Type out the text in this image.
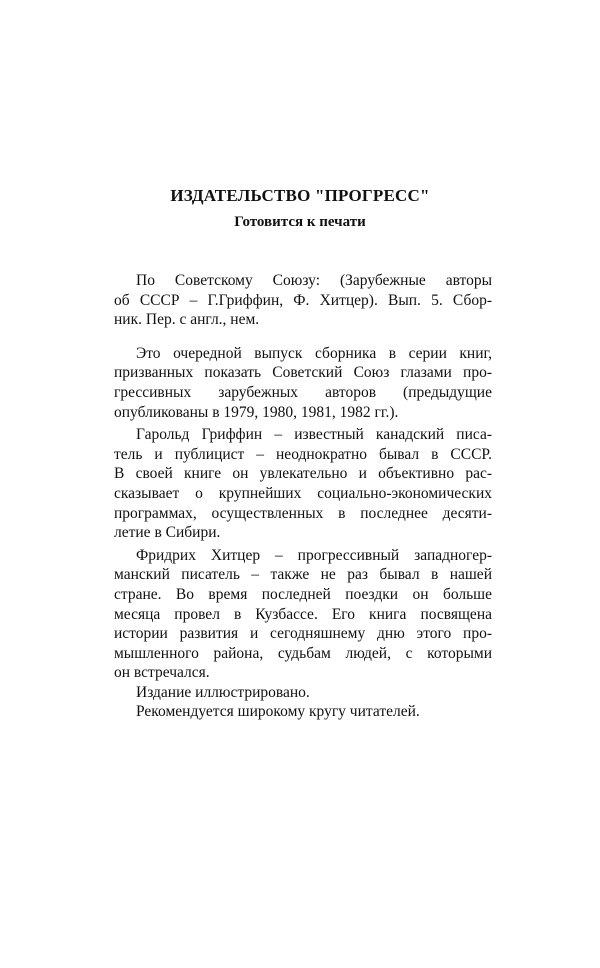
ИЗДАТЕЛЬСТВО "ПРОГРЕСС"
Готовится к печати
По Советскому Союзу: (Зарубежные авторы
об СССР – Г.Гриффин, Ф. Хитцер). Вып. 5. Сбор-
ник. Пер. с англ., нем.
Это очередной выпуск сборника в серии книг,
призванных показать Советский Союз глазами про-
грессивных зарубежных авторов (предыдущие
опубликованы в 1979, 1980, 1981, 1982 гг.).
Гарольд Гриффин – известный канадский писа-
тель и публицист – неоднократно бывал в СССР.
В своей книге он увлекательно и объективно рас-
сказывает о крупнейших социально-экономических
программах, осуществленных в последнее десяти-
летие в Сибири.
Фридрих Хитцер – прогрессивный западногер-
манский писатель – также не раз бывал в нашей
стране. Во время последней поездки он больше
месяца провел в Кузбассе. Его книга посвящена
истории развития и сегодняшнему дню этого про-
мышленного района, судьбам людей, с которыми
он встречался.
Издание иллюстрировано.
Рекомендуется широкому кругу читателей.
